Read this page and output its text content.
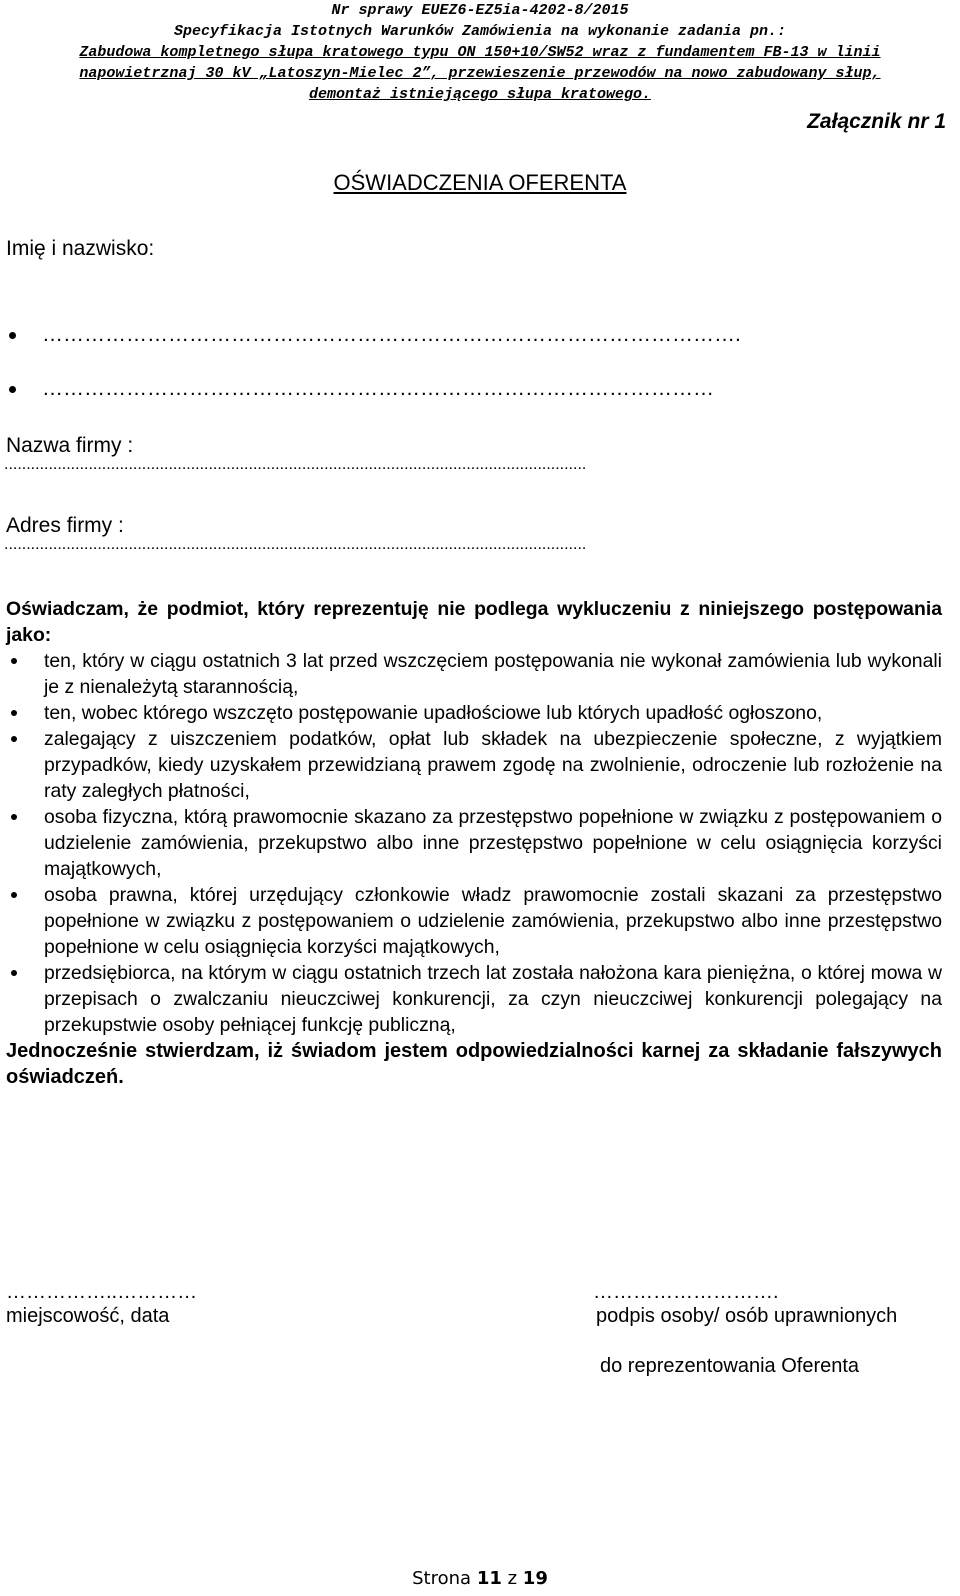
Nr sprawy EUEZ6-EZ5ia-4202-8/2015
Specyfikacja Istotnych Warunków Zamówienia na wykonanie zadania pn.:
Zabudowa kompletnego słupa kratowego typu ON 150+10/SW52 wraz z fundamentem FB-13 w linii
napowietrznaj 30 kV „Latoszyn-Mielec 2”, przewieszenie przewodów na nowo zabudowany słup,
demontaż istniejącego słupa kratowego.
Załącznik nr 1
OŚWIADCZENIA OFERENTA
Imię i nazwisko:
……………………………………………………………………………………….
……………………………………………………………………………………
Nazwa firmy :
...................................................................................................................................
Adres firmy :
...................................................................................................................................
Oświadczam, że podmiot, który reprezentuję nie podlega wykluczeniu z niniejszego postępowania jako:
ten, który w ciągu ostatnich 3 lat przed wszczęciem postępowania nie wykonał zamówienia lub wykonali je z nienależytą starannością,
ten, wobec którego wszczęto postępowanie upadłościowe lub których upadłość ogłoszono,
zalegający z uiszczeniem podatków, opłat lub składek na ubezpieczenie społeczne, z wyjątkiem przypadków, kiedy uzyskałem przewidzianą prawem zgodę na zwolnienie, odroczenie lub rozłożenie na raty zaległych płatności,
osoba fizyczna, którą prawomocnie skazano za przestępstwo popełnione w związku z postępowaniem o udzielenie zamówienia, przekupstwo albo inne przestępstwo popełnione w celu osiągnięcia korzyści majątkowych,
osoba prawna, której urzędujący członkowie władz prawomocnie zostali skazani za przestępstwo popełnione w związku z postępowaniem o udzielenie zamówienia, przekupstwo albo inne przestępstwo popełnione w celu osiągnięcia korzyści majątkowych,
przedsiębiorca, na którym w ciągu ostatnich trzech lat została nałożona kara pieniężna, o której mowa w przepisach o zwalczaniu nieuczciwej konkurencji, za czyn nieuczciwej konkurencji polegający na przekupstwie osoby pełniącej funkcję publiczną,
Jednocześnie stwierdzam, iż świadom jestem odpowiedzialności karnej za składanie fałszywych oświadczeń.
……………..…………
miejscowość, data
……………………….
podpis osoby/ osób uprawnionych
do reprezentowania Oferenta
Strona 11 z 19
